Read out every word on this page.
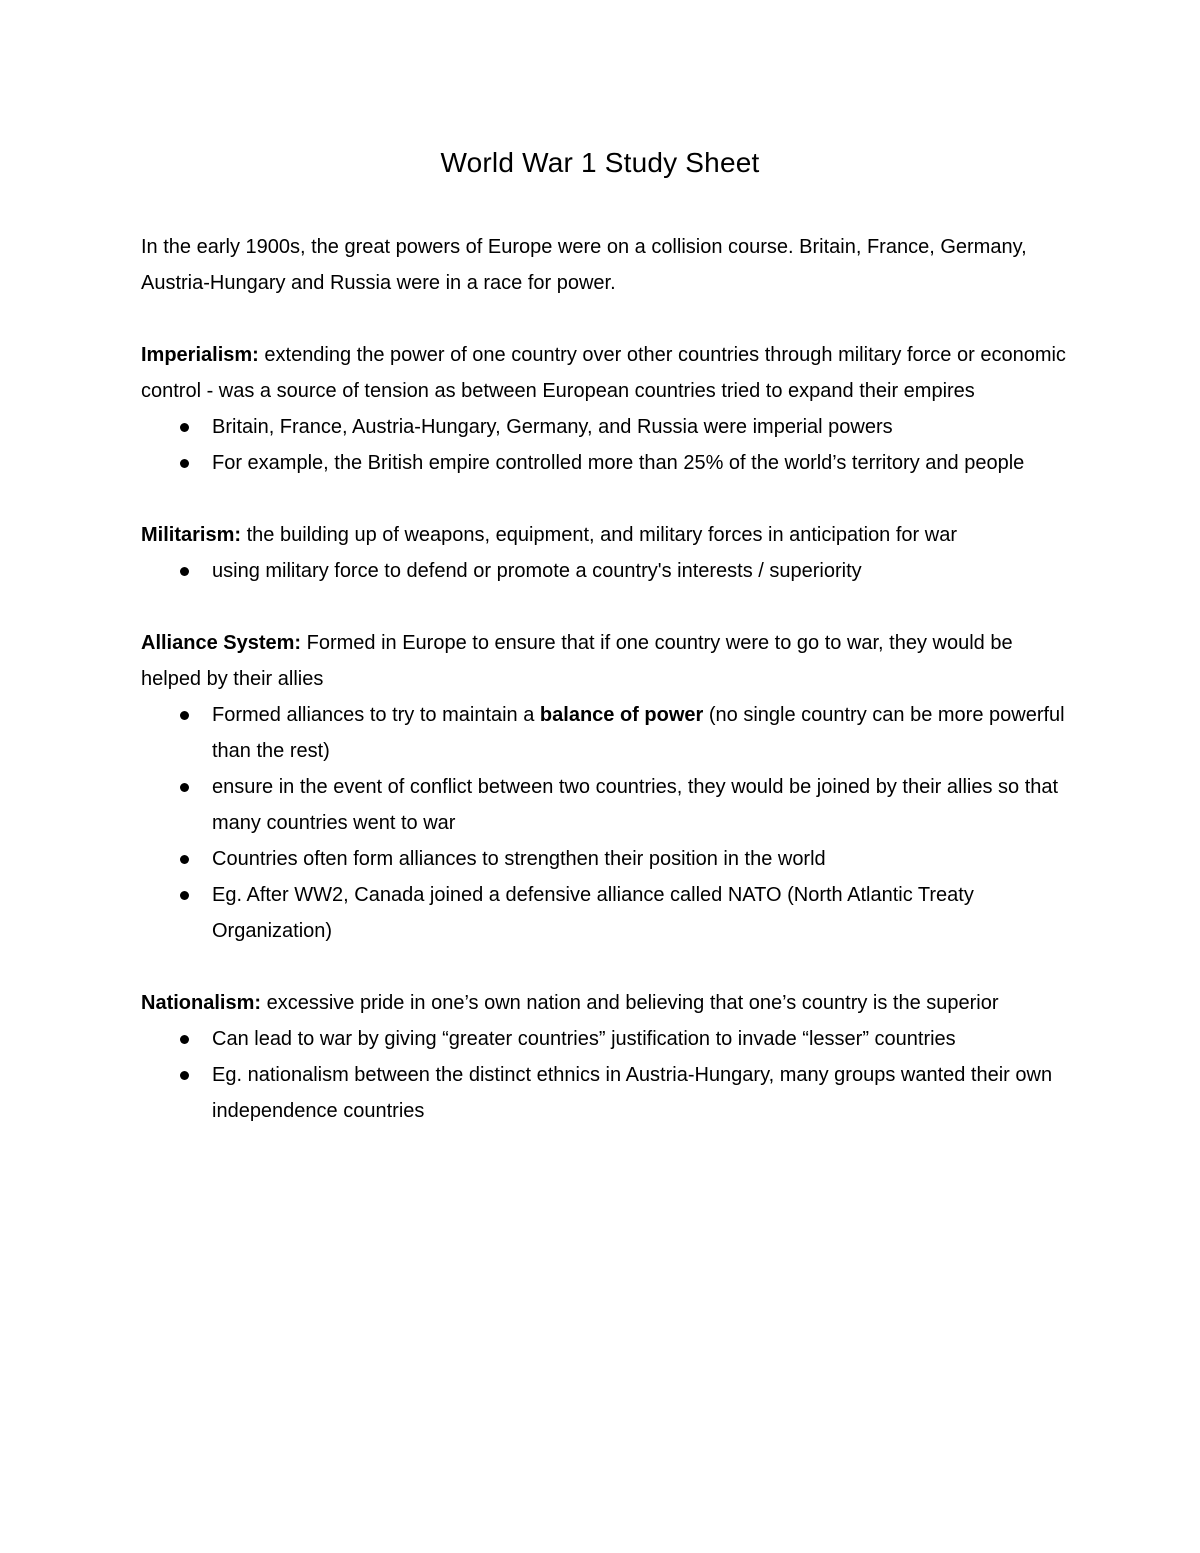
World War 1 Study Sheet

In the early 1900s, the great powers of Europe were on a collision course. Britain, France, Germany, Austria-Hungary and Russia were in a race for power.

Imperialism: extending the power of one country over other countries through military force or economic control - was a source of tension as between European countries tried to expand their empires

Britain, France, Austria-Hungary, Germany, and Russia were imperial powers
For example, the British empire controlled more than 25% of the world’s territory and people

Militarism: the building up of weapons, equipment, and military forces in anticipation for war

using military force to defend or promote a country's interests / superiority

Alliance System: Formed in Europe to ensure that if one country were to go to war, they would be helped by their allies

Formed alliances to try to maintain a balance of power (no single country can be more powerful than the rest)
ensure in the event of conflict between two countries, they would be joined by their allies so that many countries went to war
Countries often form alliances to strengthen their position in the world
Eg. After WW2, Canada joined a defensive alliance called NATO (North Atlantic Treaty Organization)

Nationalism: excessive pride in one’s own nation and believing that one’s country is the superior

Can lead to war by giving “greater countries” justification to invade “lesser” countries
Eg. nationalism between the distinct ethnics in Austria-Hungary, many groups wanted their own independence countries
